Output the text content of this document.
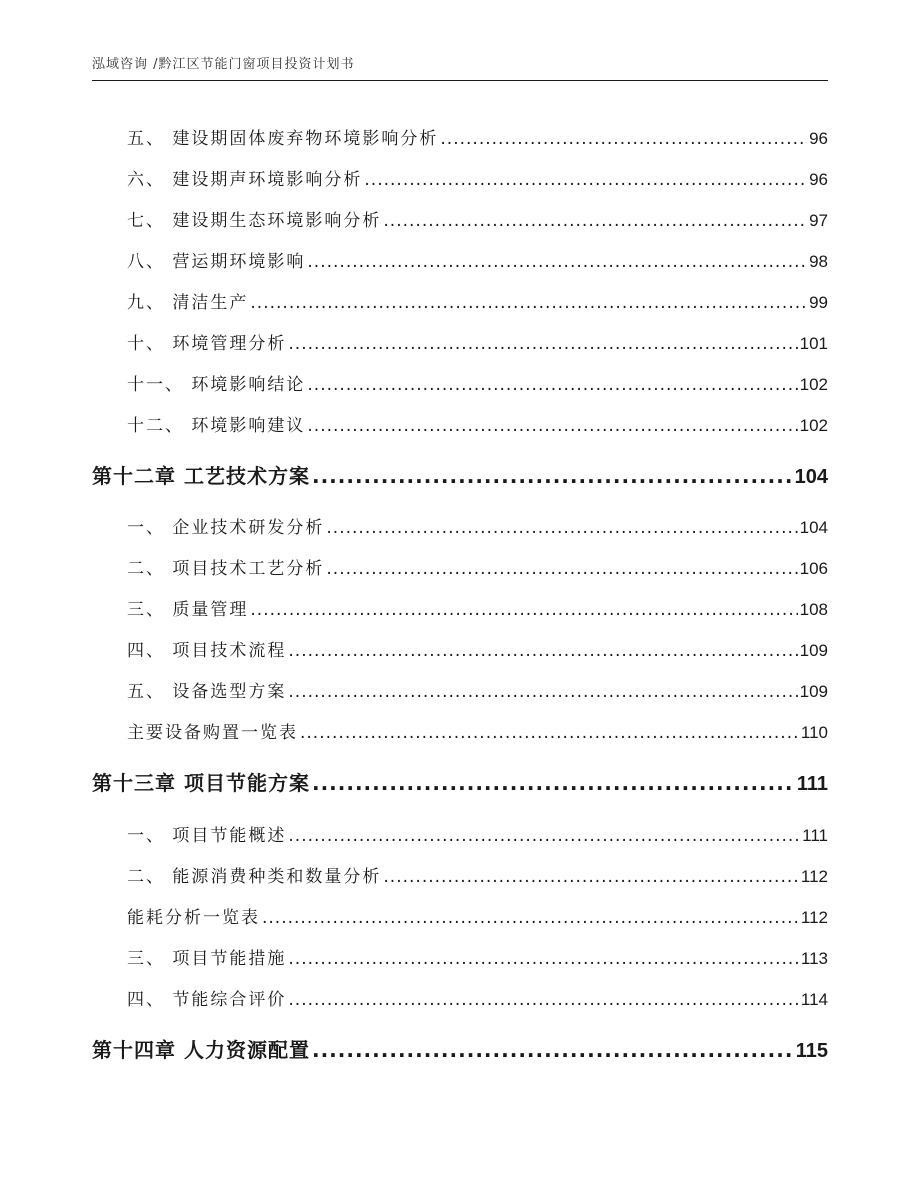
泓域咨询 /黔江区节能门窗项目投资计划书
五、 建设期固体废弃物环境影响分析 .....	96
六、 建设期声环境影响分析 .....	96
七、 建设期生态环境影响分析 .....	97
八、 营运期环境影响 .....	98
九、 清洁生产 .....	99
十、 环境管理分析 .....	101
十一、 环境影响结论 .....	102
十二、 环境影响建议 .....	102
第十二章 工艺技术方案 .....	104
一、 企业技术研发分析 .....	104
二、 项目技术工艺分析 .....	106
三、 质量管理 .....	108
四、 项目技术流程 .....	109
五、 设备选型方案 .....	109
主要设备购置一览表 .....	110
第十三章 项目节能方案 .....	111
一、 项目节能概述 .....	111
二、 能源消费种类和数量分析 .....	112
能耗分析一览表 .....	112
三、 项目节能措施 .....	113
四、 节能综合评价 .....	114
第十四章 人力资源配置 .....	115
